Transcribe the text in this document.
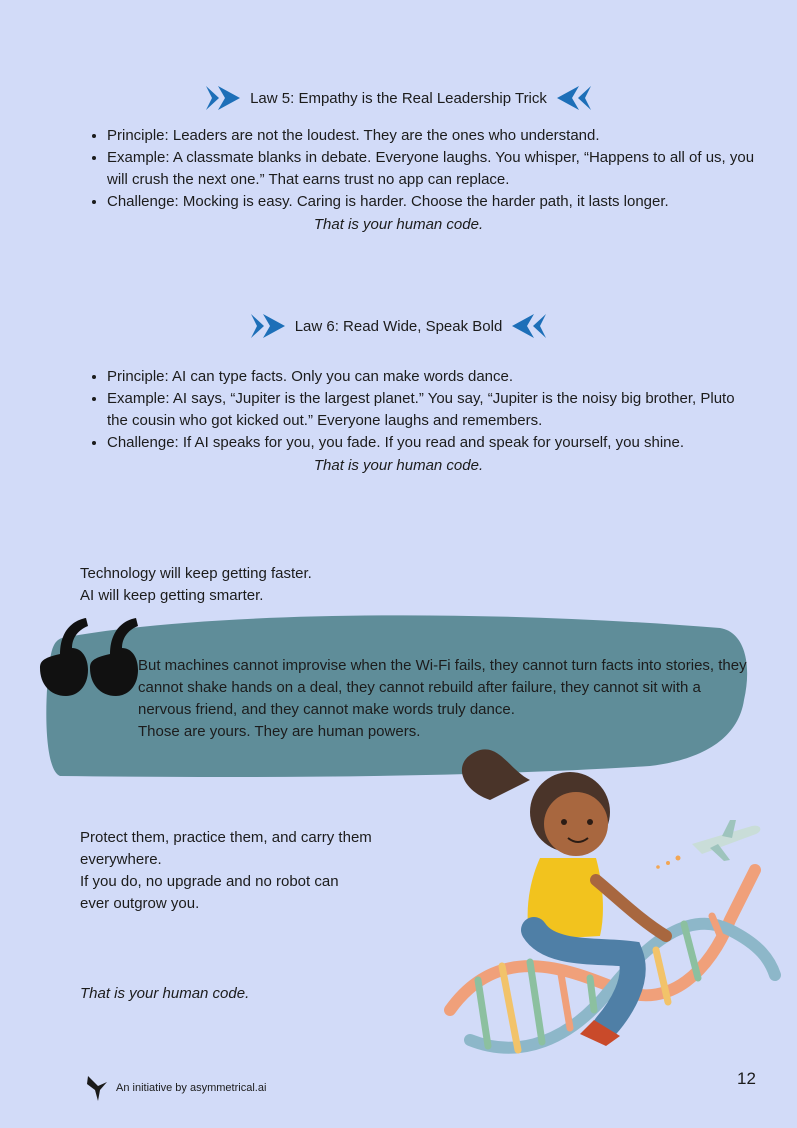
Law 5: Empathy is the Real Leadership Trick
• Principle: Leaders are not the loudest. They are the ones who understand.
• Example: A classmate blanks in debate. Everyone laughs. You whisper, “Happens to all of us, you will crush the next one.” That earns trust no app can replace.
• Challenge: Mocking is easy. Caring is harder. Choose the harder path, it lasts longer.
That is your human code.
Law 6: Read Wide, Speak Bold
• Principle: AI can type facts. Only you can make words dance.
• Example: AI says, “Jupiter is the largest planet.” You say, “Jupiter is the noisy big brother, Pluto the cousin who got kicked out.” Everyone laughs and remembers.
• Challenge: If AI speaks for you, you fade. If you read and speak for yourself, you shine.
That is your human code.
Technology will keep getting faster.
AI will keep getting smarter.
But machines cannot improvise when the Wi-Fi fails, they cannot turn facts into stories, they cannot shake hands on a deal, they cannot rebuild after failure, they cannot sit with a nervous friend, and they cannot make words truly dance.
Those are yours. They are human powers.
Protect them, practice them, and carry them
everywhere.
If you do, no upgrade and no robot can
ever outgrow you.
That is your human code.
An initiative by asymmetrical.ai	12
